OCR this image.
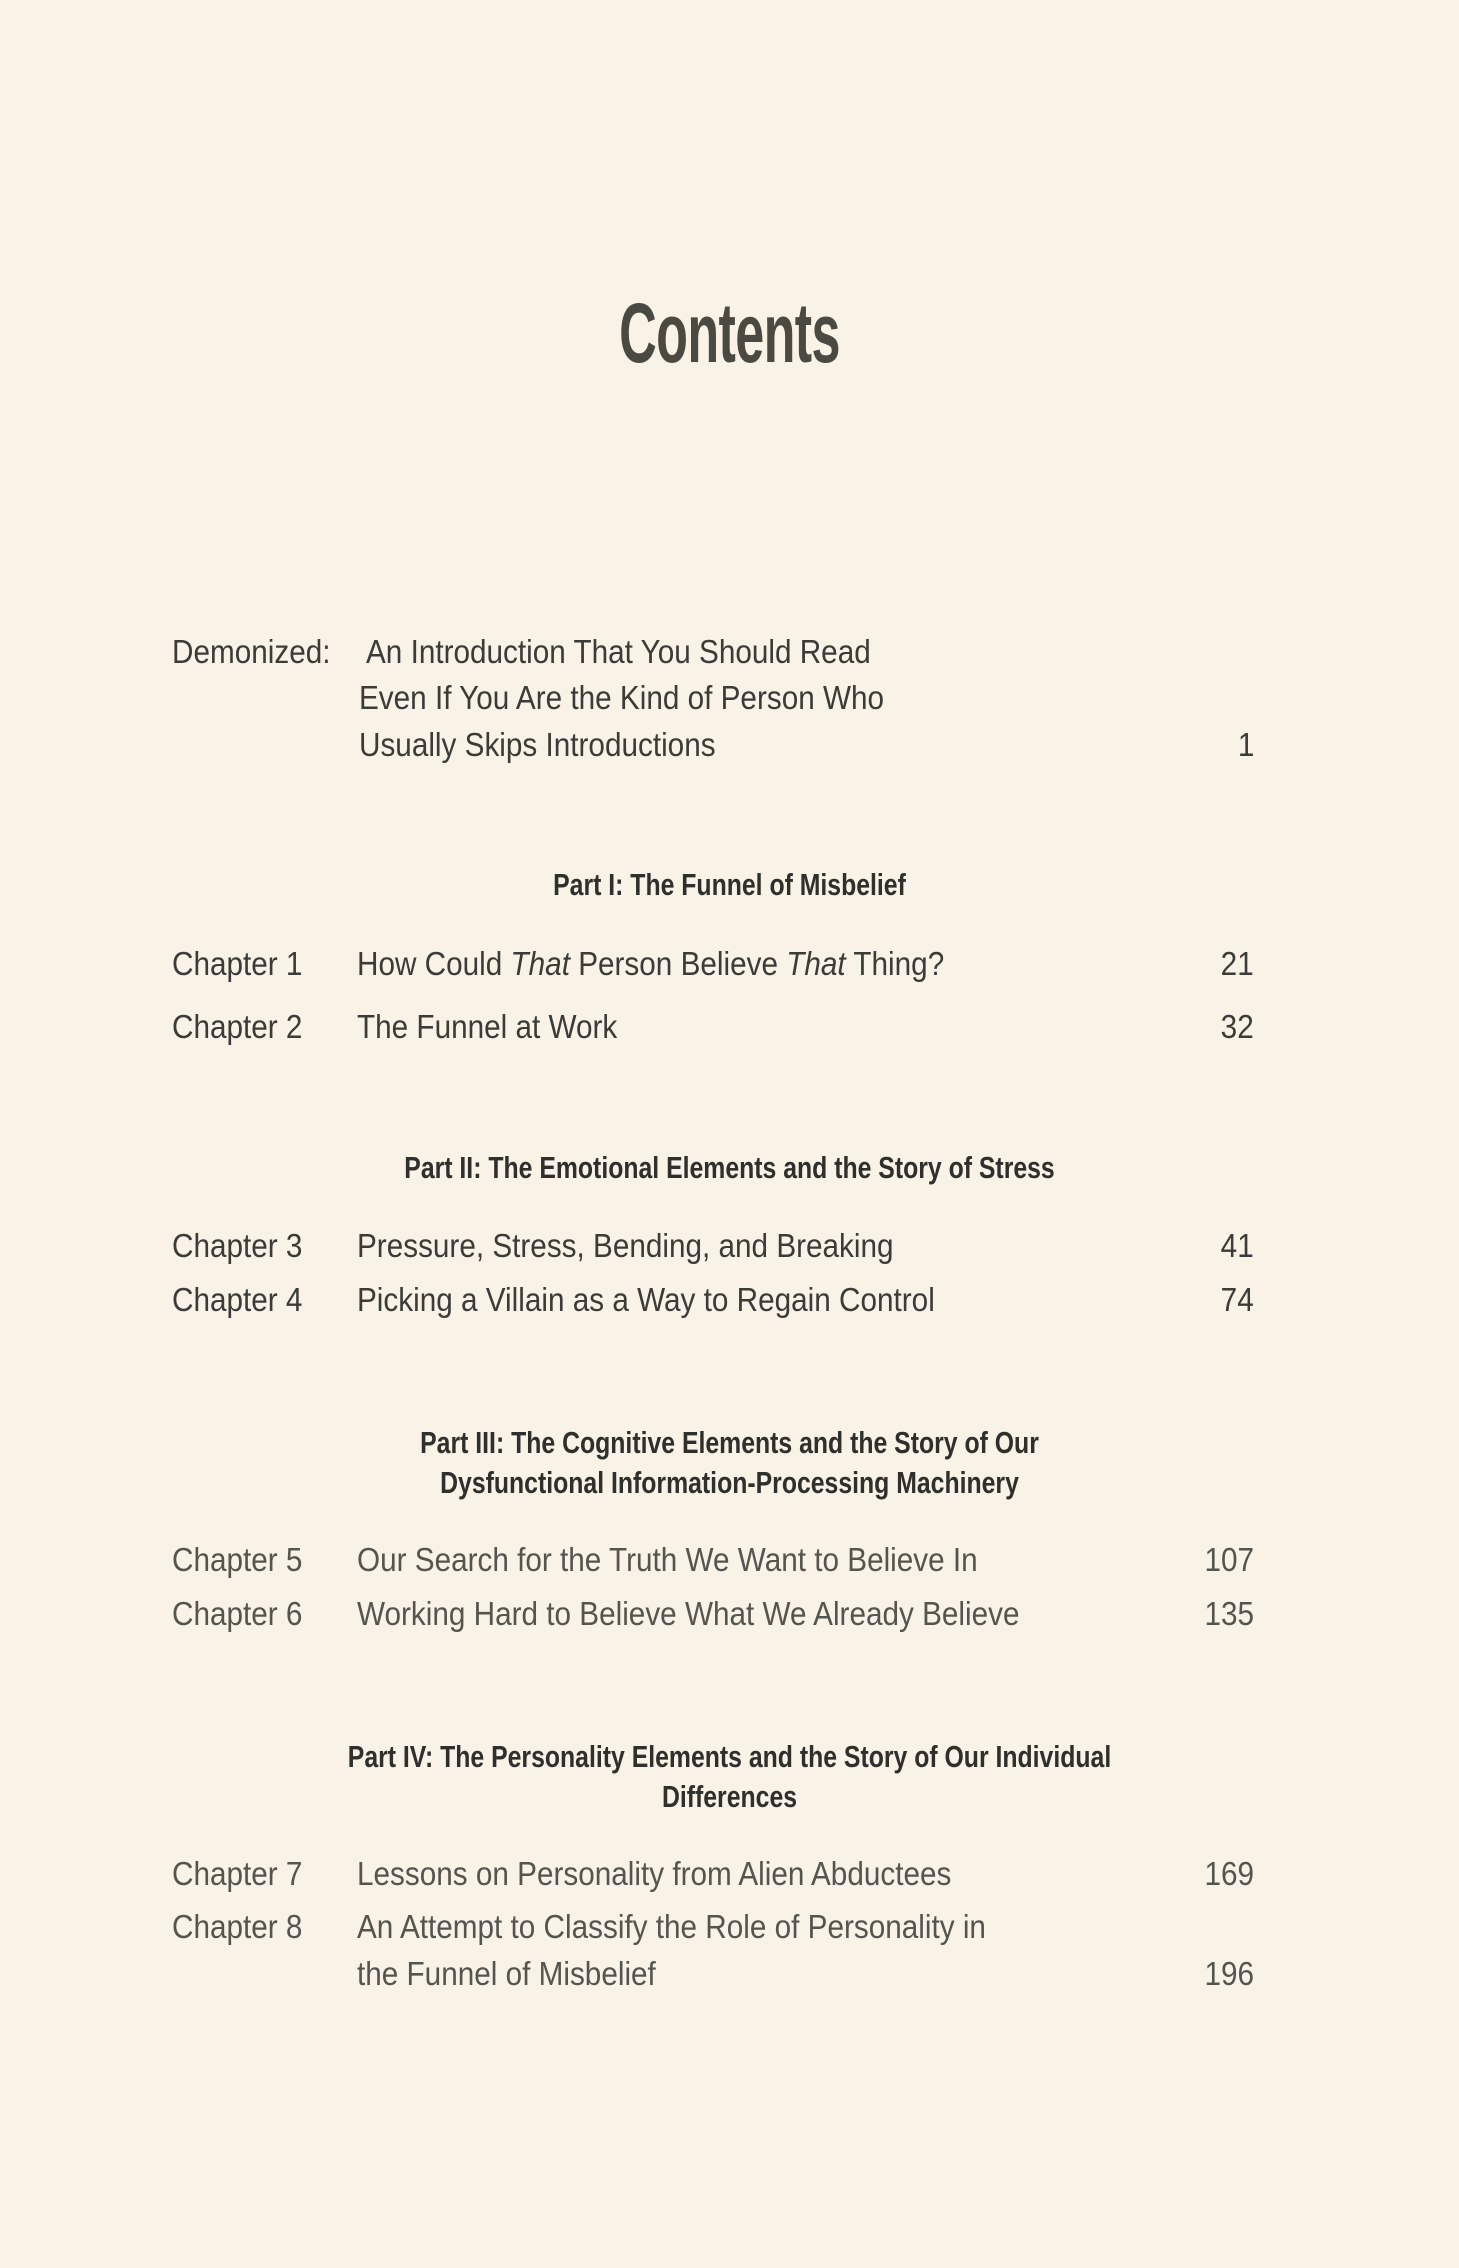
Contents
Demonized: An Introduction That You Should Read
Even If You Are the Kind of Person Who
Usually Skips Introductions	1
Part I: The Funnel of Misbelief
Chapter 1 How Could That Person Believe That Thing?	21
Chapter 2 The Funnel at Work	32
Part II: The Emotional Elements and the Story of Stress
Chapter 3 Pressure, Stress, Bending, and Breaking	41
Chapter 4 Picking a Villain as a Way to Regain Control	74
Part III: The Cognitive Elements and the Story of Our
Dysfunctional Information-Processing Machinery
Chapter 5 Our Search for the Truth We Want to Believe In	107
Chapter 6 Working Hard to Believe What We Already Believe	135
Part IV: The Personality Elements and the Story of Our Individual
Differences
Chapter 7 Lessons on Personality from Alien Abductees	169
Chapter 8 An Attempt to Classify the Role of Personality in
the Funnel of Misbelief	196
